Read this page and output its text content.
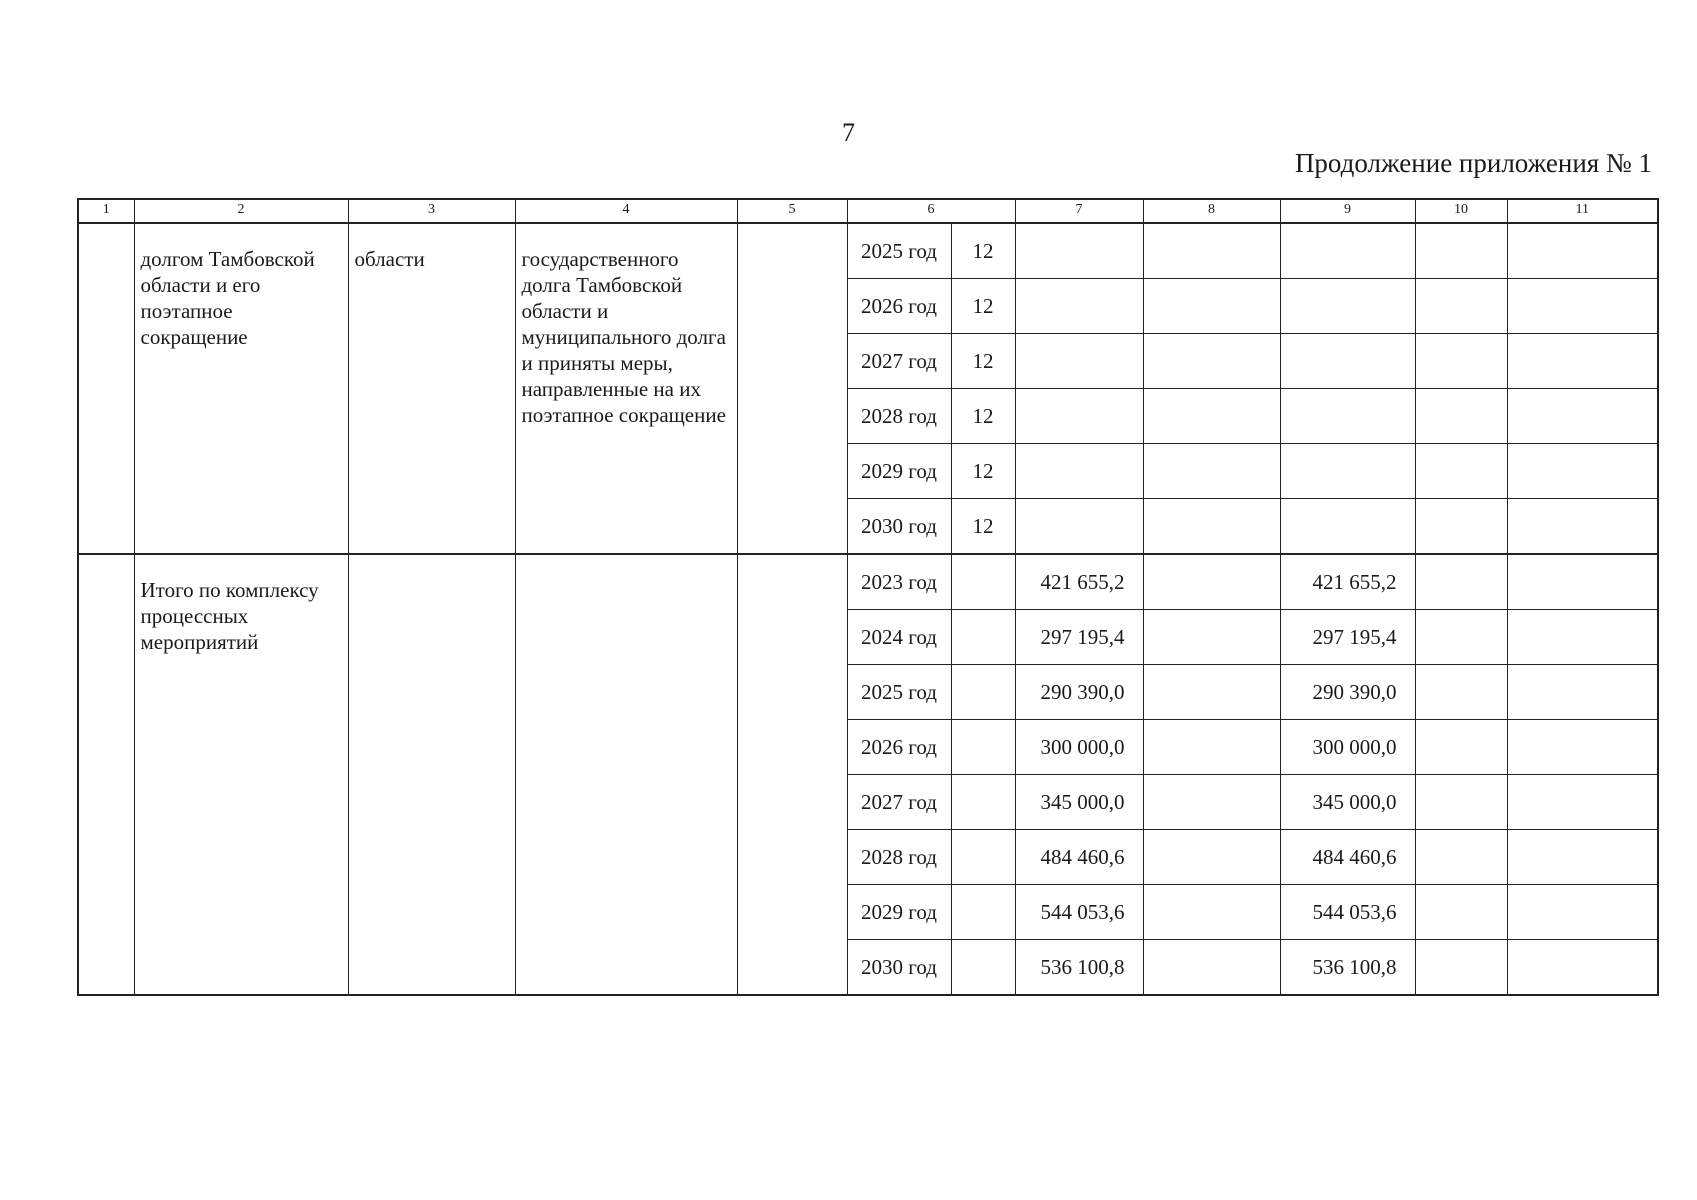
7
Продолжение приложения № 1
1	2	3	4	5	6		7	8	9	10	11
	долгом Тамбовской области и его поэтапное сокращение	области	государственного долга Тамбовской области и муниципального долга и приняты меры, направленные на их поэтапное сокращение		2025 год	12					
					2026 год	12					
					2027 год	12					
					2028 год	12					
					2029 год	12					
					2030 год	12					
	Итого по комплексу процессных мероприятий				2023 год		421 655,2		421 655,2		
					2024 год		297 195,4		297 195,4		
					2025 год		290 390,0		290 390,0		
					2026 год		300 000,0		300 000,0		
					2027 год		345 000,0		345 000,0		
					2028 год		484 460,6		484 460,6		
					2029 год		544 053,6		544 053,6		
					2030 год		536 100,8		536 100,8		
